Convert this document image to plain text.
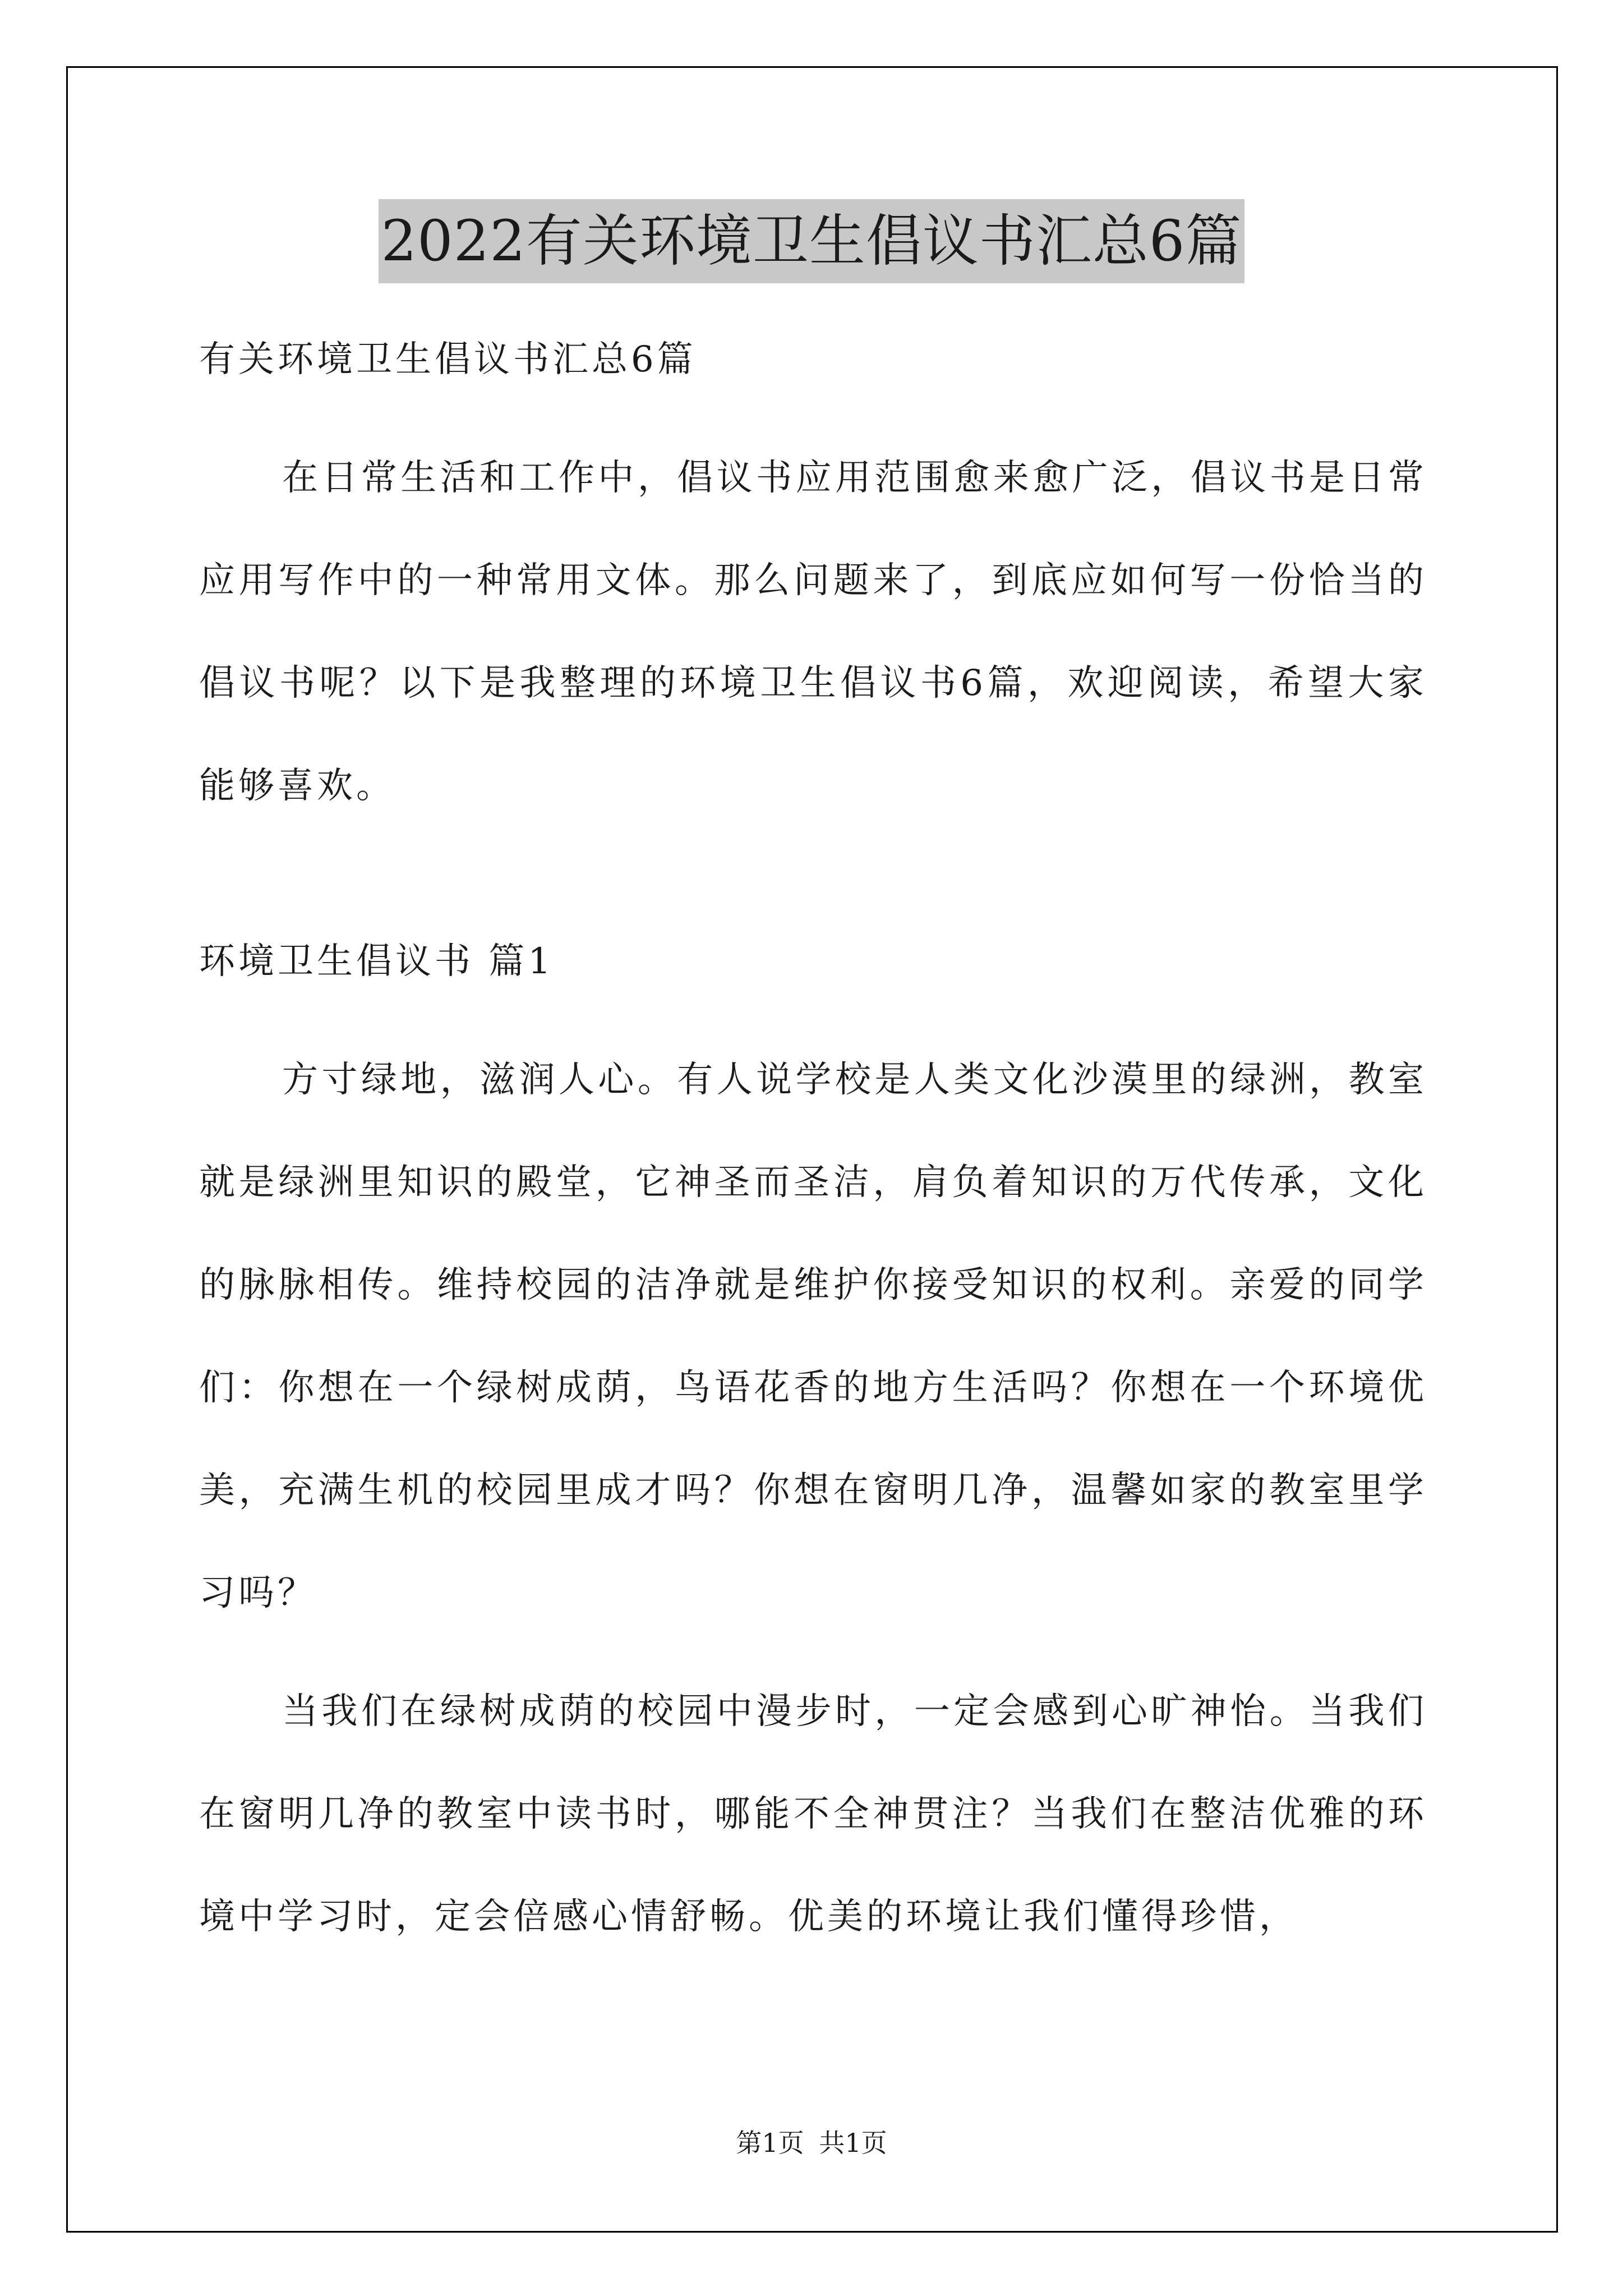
2022有关环境卫生倡议书汇总6篇

有关环境卫生倡议书汇总6篇

在日常生活和工作中，倡议书应用范围愈来愈广泛，倡议书是日常应用写作中的一种常用文体。那么问题来了，到底应如何写一份恰当的倡议书呢？以下是我整理的环境卫生倡议书6篇，欢迎阅读，希望大家能够喜欢。

环境卫生倡议书 篇1

方寸绿地，滋润人心。有人说学校是人类文化沙漠里的绿洲，教室就是绿洲里知识的殿堂，它神圣而圣洁，肩负着知识的万代传承，文化的脉脉相传。维持校园的洁净就是维护你接受知识的权利。亲爱的同学们：你想在一个绿树成荫，鸟语花香的地方生活吗？你想在一个环境优美，充满生机的校园里成才吗？你想在窗明几净，温馨如家的教室里学习吗？

当我们在绿树成荫的校园中漫步时，一定会感到心旷神怡。当我们在窗明几净的教室中读书时，哪能不全神贯注？当我们在整洁优雅的环境中学习时，定会倍感心情舒畅。优美的环境让我们懂得珍惜，

第1页 共1页
